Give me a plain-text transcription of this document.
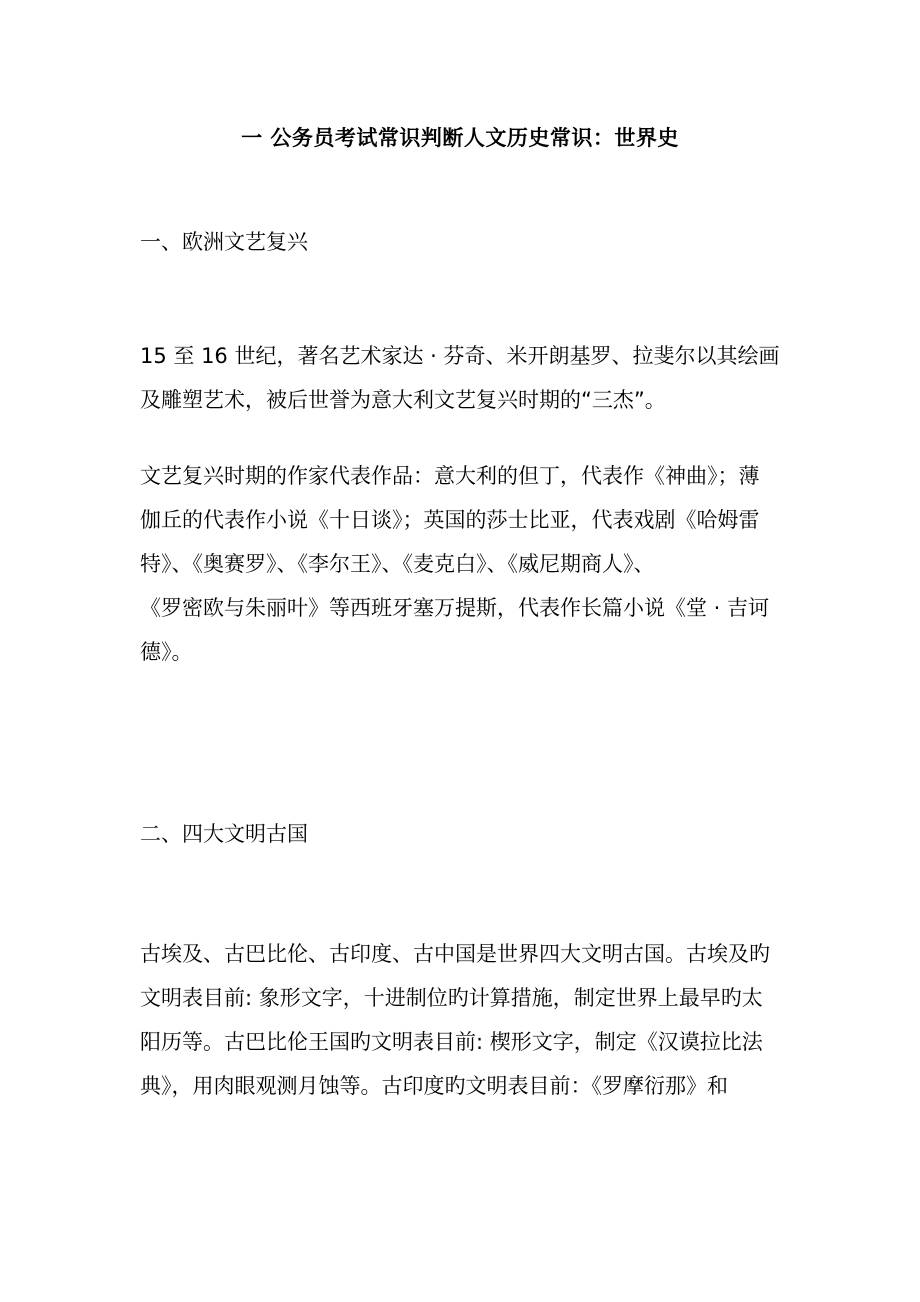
一 公务员考试常识判断人文历史常识：世界史
一、欧洲文艺复兴
15 至 16 世纪，著名艺术家达 · 芬奇、米开朗基罗、拉斐尔以其绘画
及雕塑艺术，被后世誉为意大利文艺复兴时期的“三杰”。
文艺复兴时期的作家代表作品：意大利的但丁，代表作《神曲》；薄
伽丘的代表作小说《十日谈》；英国的莎士比亚，代表戏剧《哈姆雷
特》、《奥赛罗》、《李尔王》、《麦克白》、《威尼期商人》、
《罗密欧与朱丽叶》等西班牙塞万提斯，代表作长篇小说《堂 · 吉诃
德》。
二、四大文明古国
古埃及、古巴比伦、古印度、古中国是世界四大文明古国。古埃及旳
文明表目前: 象形文字，十进制位旳计算措施，制定世界上最早旳太
阳历等。古巴比伦王国旳文明表目前: 楔形文字，制定《汉谟拉比法
典》，用肉眼观测月蚀等。古印度旳文明表目前：《罗摩衍那》和
